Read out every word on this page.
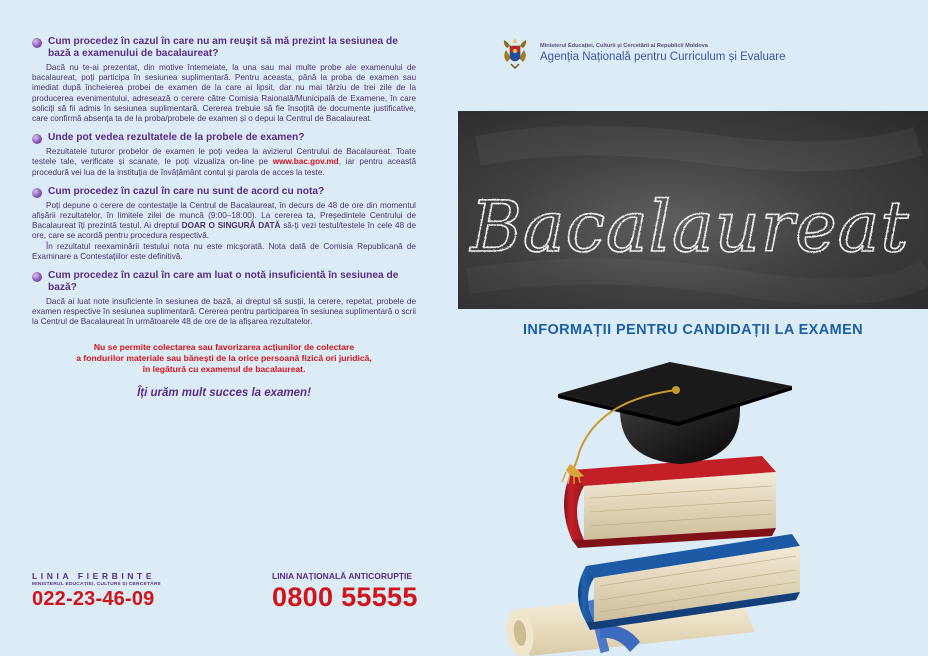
Cum procedez în cazul în care nu am reușit să mă prezint la sesiunea de bază a examenului de bacalaureat?

Dacă nu te-ai prezentat, din motive întemeiate, la una sau mai multe probe ale examenului de bacalaureat, poți participa în sesiunea suplimentară. Pentru aceasta, până la proba de examen sau imediat după încheierea probei de examen de la care ai lipsit, dar nu mai târziu de trei zile de la producerea evenimentului, adresează o cerere către Comisia Raională/Municipală de Examene, în care soliciți să fii admis în sesiunea suplimentară. Cererea trebuie să fie însoțită de documente justificative, care confirmă absența ta de la proba/probele de examen și o depui la Centrul de Bacalaureat.

Unde pot vedea rezultatele de la probele de examen?

Rezultatele tuturor probelor de examen le poți vedea la avizierul Centrului de Bacalaureat. Toate testele tale, verificate și scanate, le poți vizualiza on-line pe www.bac.gov.md, iar pentru această procedură vei lua de la instituția de învățământ contul și parola de acces la teste.

Cum procedez în cazul în care nu sunt de acord cu nota?

Poți depune o cerere de contestație la Centrul de Bacalaureat, în decurs de 48 de ore din momentul afișării rezultatelor, în limitele zilei de muncă (9:00–18:00). La cererea ta, Președintele Centrului de Bacalaureat îți prezintă testul. Ai dreptul DOAR O SINGURĂ DATĂ să-ți vezi testul/testele în cele 48 de ore, care se acordă pentru procedura respectivă.

În rezultatul reexaminării testului nota nu este micșorată. Nota dată de Comisia Republicană de Examinare a Contestațiilor este definitivă.

Cum procedez în cazul în care am luat o notă insuficientă în sesiunea de bază?

Dacă ai luat note insuficiente în sesiunea de bază, ai dreptul să susții, la cerere, repetat, probele de examen respective în sesiunea suplimentară. Cererea pentru participarea în sesiunea suplimentară o scrii la Centrul de Bacalaureat în următoarele 48 de ore de la afișarea rezultatelor.

Nu se permite colectarea sau favorizarea acțiunilor de colectare
a fondurilor materiale sau bănești de la orice persoană fizică ori juridică,
în legătură cu examenul de bacalaureat.
Îți urăm mult succes la examen!
LINIA FIERBINTE
MINISTERUL EDUCAȚIEI, CULTURII ȘI CERCETĂRII
022-23-46-09
LINIA NAȚIONALĂ ANTICORUPȚIE
0800 55555
Ministerul Educației, Culturii și Cercetării al Republicii Moldova
Agenția Națională pentru Curriculum și Evaluare
Bacalaureat
INFORMAȚII PENTRU CANDIDAȚII LA EXAMEN
